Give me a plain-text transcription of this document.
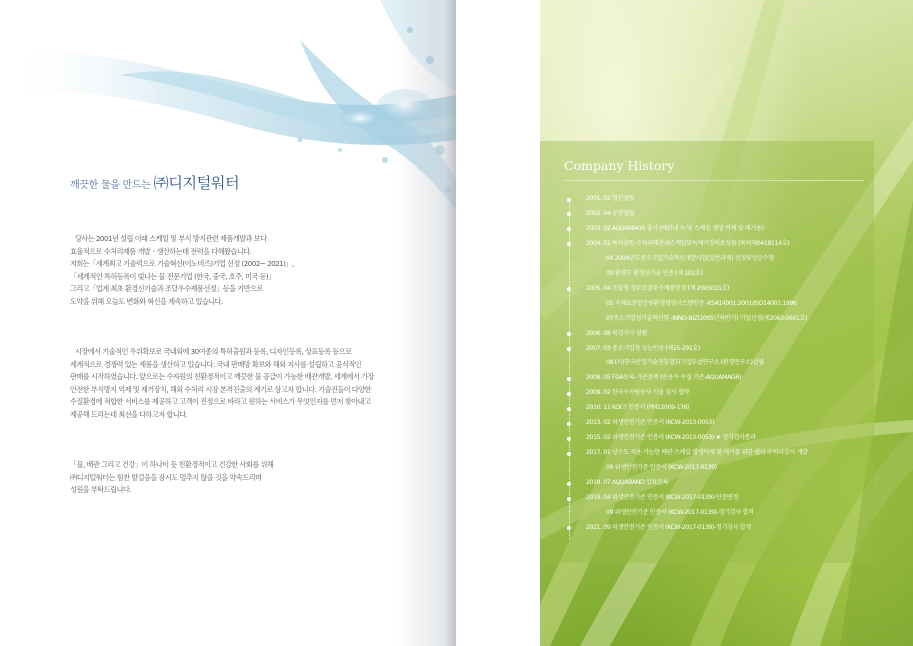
깨끗한 물을 만드는 ㈜디지털워터
당사는 2001년 설립 이래 스케일 및 부식 방지관련 제품개발과 보다
효율적으로 수처리제품 개발ㆍ생산하는데 전력을 다해왔습니다.
저희는「세계최고 기술력으로 기술혁신(이노비즈)기업 선정 (2002~ 2021)」,
「세계적인 특허등록이 빛나는 물 전문기업 (한국, 중국, 호주, 미국 등)」
그리고「업계 최초 환경신기술과 조달우수제품선정」등을 기반으로
도약을 위해 오늘도 변화와 혁신을 계속하고 있습니다.
시장에서 기술적인 우위확보로 국내외에 30여종의 특허출원과 등록, 디자인등록, 상표등록 등으로
세계적으로 경쟁력 있는 제품을 생산하고 있습니다. 국내 판매망 확보와 해외 지사를 설립하고 공식적인
판매를 시작하였습니다. 앞으로는 수자원의 친환경적이고 깨끗한 물 공급이 가능한 배관개발, 세계에서 가장
안전한 부식방지 억제 및 제거장치, 해외 수처리 시장 본격진출의 계기로 삼고자 합니다. 기술진들이 다양한
수질환경에 적합한 서비스를 제공하고 고객이 진정으로 바라고 원하는 서비스가 무엇인지를 먼저 찾아내고
제공해 드리는데 최선을 다하고자 합니다.
「물, 배관 그리고 건강」이 하나이 듯 친환경적이고 건강한 사회를 위해
㈜디지털워터는 힘찬 발걸음을 잠시도 멈추지 않을 것을 약속드리며
성원을 부탁드립니다.
Company History
2001. 02 법인설립
2002. 04 공장설립
2003. 02 AQUAMAGR 출시 (배관내 녹 및 스케일 생성 억제 및 제거용)
2004. 01 특허출원-수처리배관내스케일및녹제거장치조성물 (특허제0418114호)
04 2004년도중소기업기술혁신개발사업(일반과제) 선정및성공수행
09 환경부 환경신기술 인증 (제 102호)
2005. 04 조달청 정부조달우수제품인정 (제 2005015호)
05 국제표준인증원환경경영시스템인증 -KSA14001:2001/ISO14001:1996
07중소기업청기술혁신형 -INNO-BIZ(2005년하반기) 기업선정(제2063-0601호)
2006. 08 북경지사 설립
2007. 03 중소기업청 성능인증 (제15-291호)
08 (사)한국산업기술진흥협회기업부설연구소 (환경연구소)설립
2008. 05 FDA등록-기준충족 (음용수 수질 기준-AQUAMAGR)
2009. 02 한국수자원공사 기술 실시 협약
2010. 11 KOI크 인증서 (PM12009-176)
2013. 02 위생안전기준 인증서 (KCW-2013-0053)
2015. 02 위생안전기준 인증서 (KCW-2013-0053) ★ 정기검사통과
2017. 01 상수도 적용 가능한 배관 스케일 발생억제 및 제거를 위한 필터 수처리장치 개발
09 위생안전기준 인증서 (KCW-2017-0139)
2018. 07 AQUABAND 상표등록
2019. 04 위생안전기준 인증서 (KCW-2017-0139)-인증변경
09 위생안전기준 인증서 (KCW-2017-0139)-정기검사 합격
2021. 09 위생안전기준 인증서 (KCW-2017-0139)-정기검사 합격
